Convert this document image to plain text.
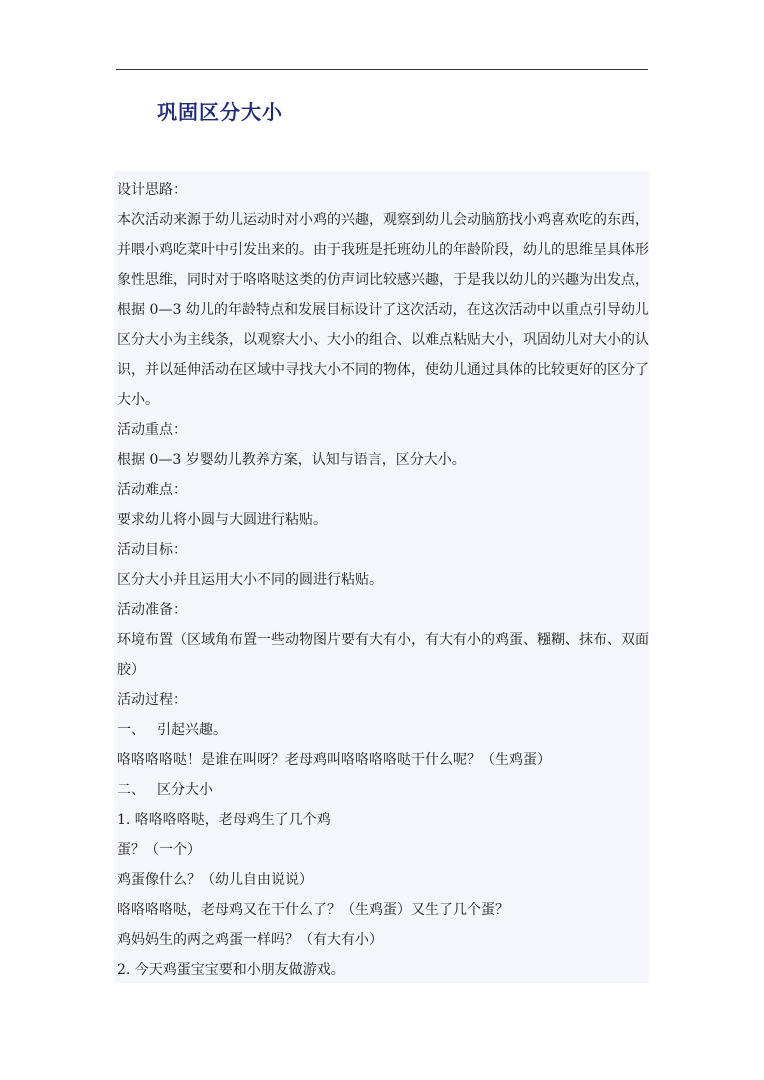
巩固区分大小

设计思路：

本次活动来源于幼儿运动时对小鸡的兴趣，观察到幼儿会动脑筋找小鸡喜欢吃的东西，并喂小鸡吃菜叶中引发出来的。由于我班是托班幼儿的年龄阶段，幼儿的思维呈具体形象性思维，同时对于咯咯哒这类的仿声词比较感兴趣，于是我以幼儿的兴趣为出发点，根据 0—3 幼儿的年龄特点和发展目标设计了这次活动，在这次活动中以重点引导幼儿区分大小为主线条，以观察大小、大小的组合、以难点粘贴大小，巩固幼儿对大小的认识，并以延伸活动在区域中寻找大小不同的物体，使幼儿通过具体的比较更好的区分了大小。

活动重点：

根据 0—3 岁婴幼儿教养方案，认知与语言，区分大小。

活动难点：

要求幼儿将小圆与大圆进行粘贴。

活动目标：

区分大小并且运用大小不同的圆进行粘贴。

活动准备：

环境布置（区域角布置一些动物图片要有大有小，有大有小的鸡蛋、糨糊、抹布、双面胶）

活动过程：

一、 引起兴趣。

咯咯咯咯哒！是谁在叫呀？老母鸡叫咯咯咯咯哒干什么呢？（生鸡蛋）

二、 区分大小

1. 咯咯咯咯哒，老母鸡生了几个鸡

蛋？（一个）

鸡蛋像什么？（幼儿自由说说）

咯咯咯咯哒，老母鸡又在干什么了？（生鸡蛋）又生了几个蛋？

鸡妈妈生的两之鸡蛋一样吗？（有大有小）

2. 今天鸡蛋宝宝要和小朋友做游戏。
